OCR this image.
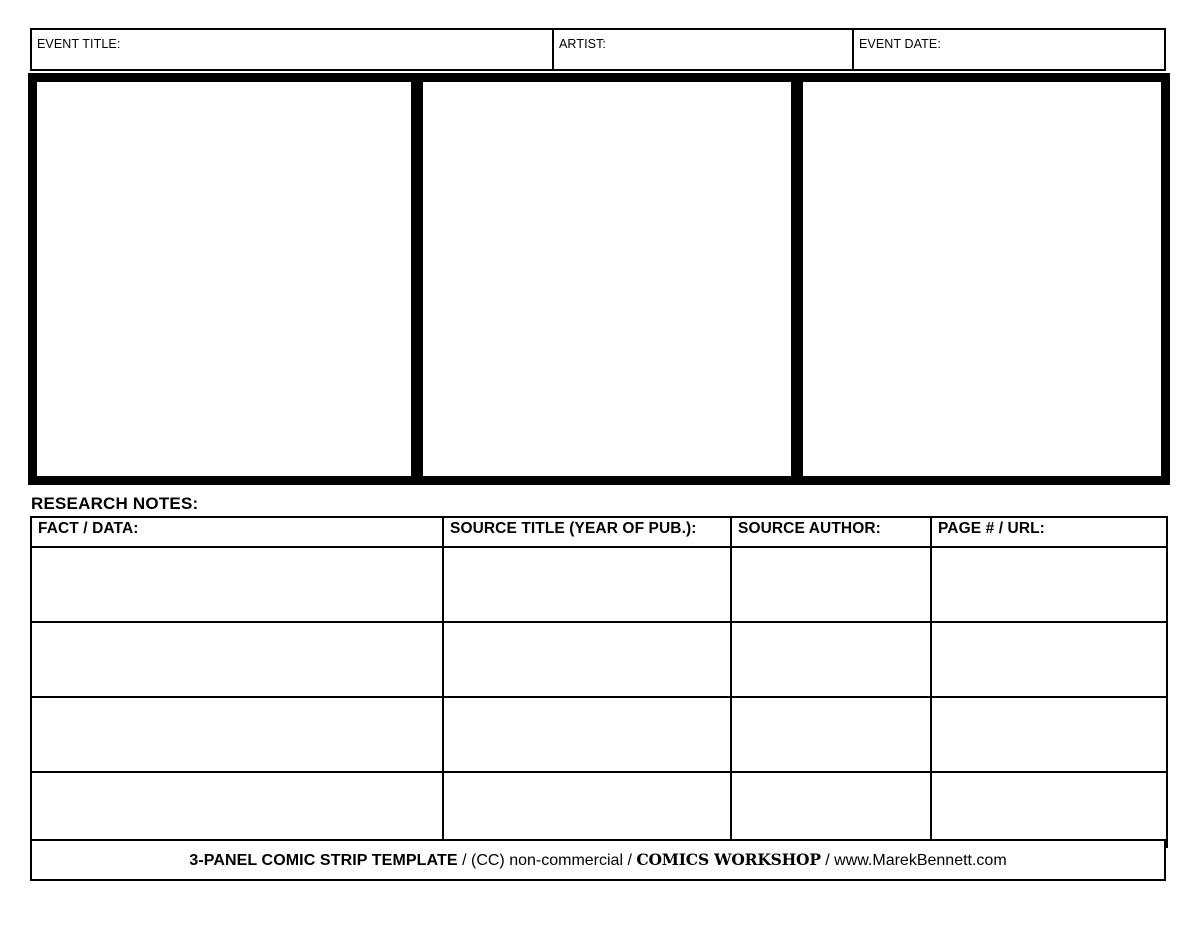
EVENT TITLE:	ARTIST:	EVENT DATE:
RESEARCH NOTES:
FACT / DATA:	SOURCE TITLE (YEAR OF PUB.):	SOURCE AUTHOR:	PAGE # / URL:

3-PANEL COMIC STRIP TEMPLATE / (CC) non-commercial / COMICS WORKSHOP / www.MarekBennett.com
